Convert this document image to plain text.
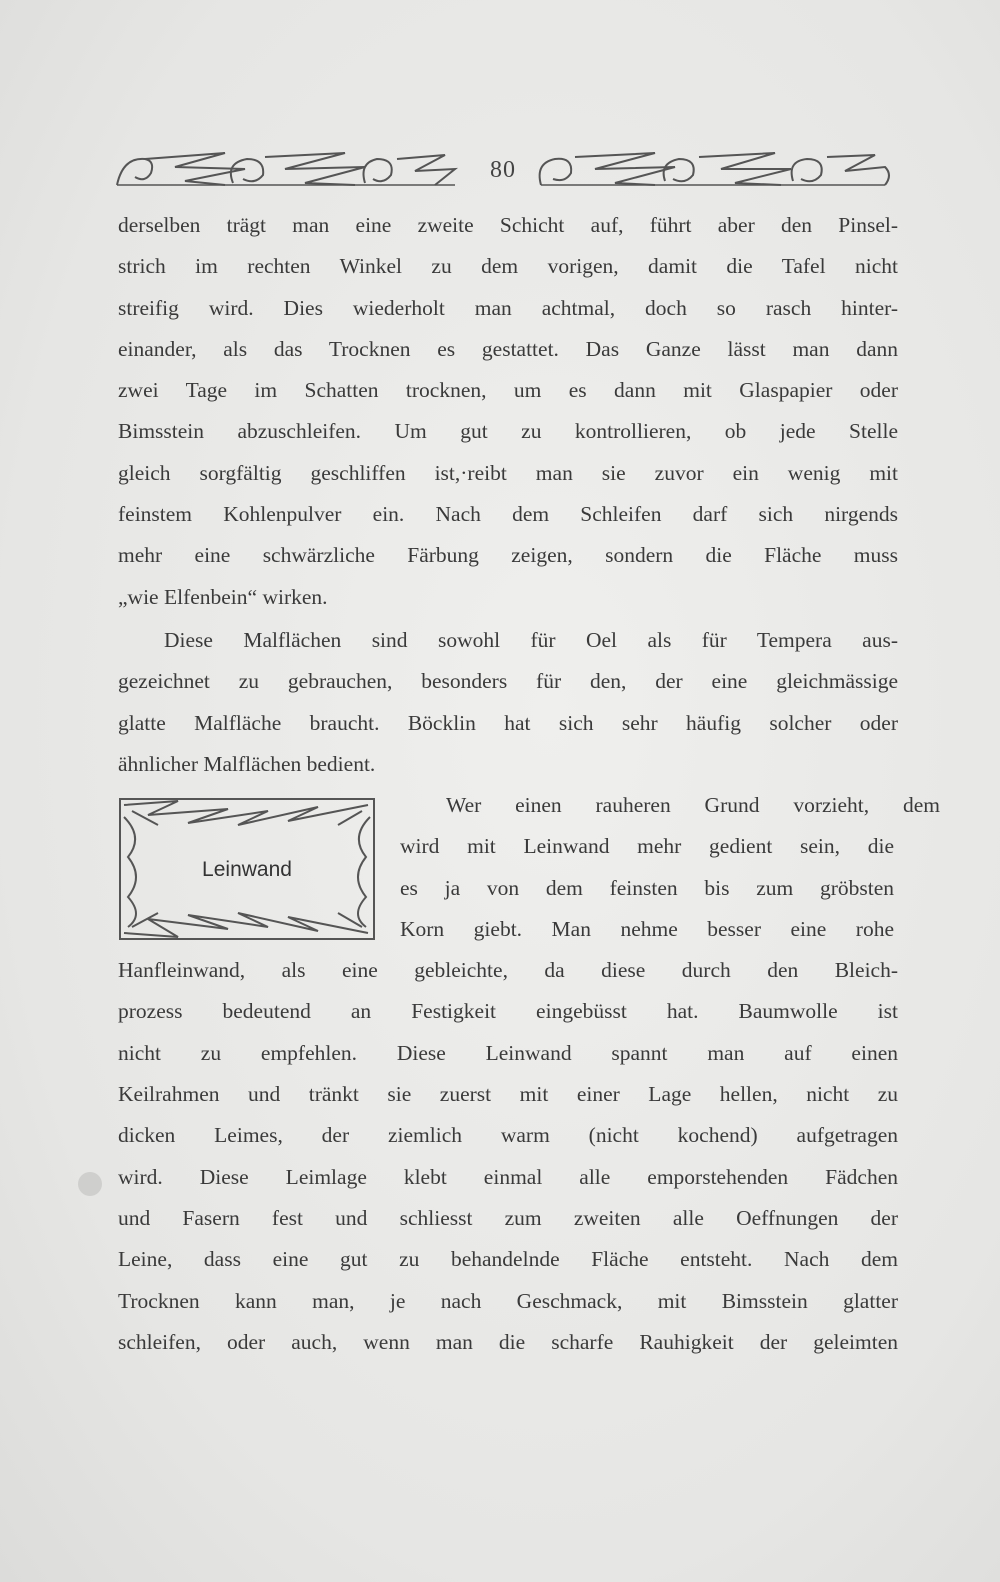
80
derselben trägt man eine zweite Schicht auf, führt aber den Pinsel-
strich im rechten Winkel zu dem vorigen, damit die Tafel nicht
streifig wird. Dies wiederholt man achtmal, doch so rasch hinter-
einander, als das Trocknen es gestattet. Das Ganze lässt man dann
zwei Tage im Schatten trocknen, um es dann mit Glaspapier oder
Bimsstein abzuschleifen. Um gut zu kontrollieren, ob jede Stelle
gleich sorgfältig geschliffen ist,·reibt man sie zuvor ein wenig mit
feinstem Kohlenpulver ein. Nach dem Schleifen darf sich nirgends
mehr eine schwärzliche Färbung zeigen, sondern die Fläche muss
„wie Elfenbein“ wirken.
Diese Malflächen sind sowohl für Oel als für Tempera aus-
gezeichnet zu gebrauchen, besonders für den, der eine gleichmässige
glatte Malfläche braucht. Böcklin hat sich sehr häufig solcher oder
ähnlicher Malflächen bedient.
Leinwand
Wer einen rauheren Grund vorzieht, dem
wird mit Leinwand mehr gedient sein, die
es ja von dem feinsten bis zum gröbsten
Korn giebt. Man nehme besser eine rohe
Hanfleinwand, als eine gebleichte, da diese durch den Bleich-
prozess bedeutend an Festigkeit eingebüsst hat. Baumwolle ist
nicht zu empfehlen. Diese Leinwand spannt man auf einen
Keilrahmen und tränkt sie zuerst mit einer Lage hellen, nicht zu
dicken Leimes, der ziemlich warm (nicht kochend) aufgetragen
wird. Diese Leimlage klebt einmal alle emporstehenden Fädchen
und Fasern fest und schliesst zum zweiten alle Oeffnungen der
Leine, dass eine gut zu behandelnde Fläche entsteht. Nach dem
Trocknen kann man, je nach Geschmack, mit Bimsstein glatter
schleifen, oder auch, wenn man die scharfe Rauhigkeit der geleimten
